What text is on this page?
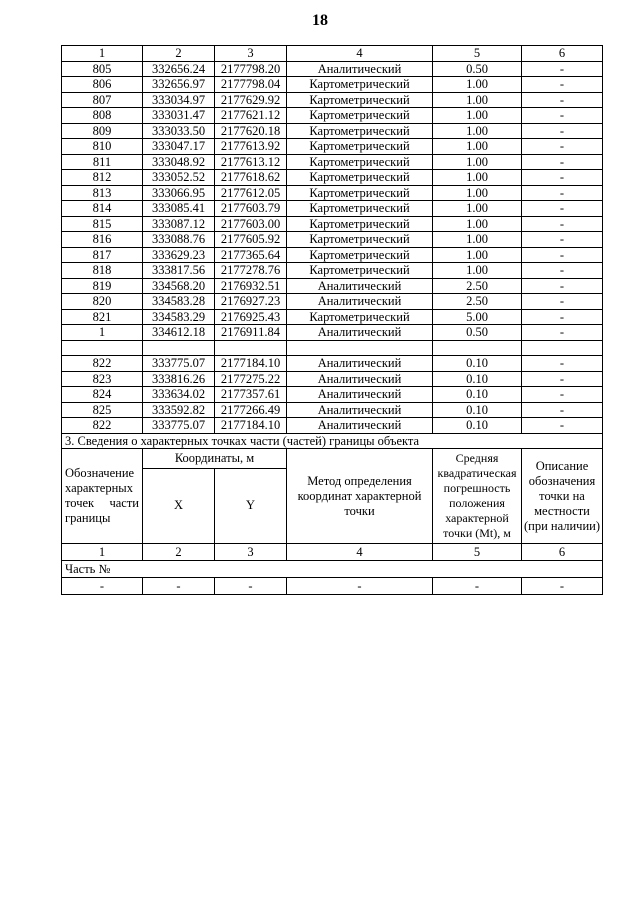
18
1	2	3	4	5	6
805	332656.24	2177798.20	Аналитический	0.50	-
806	332656.97	2177798.04	Картометрический	1.00	-
807	333034.97	2177629.92	Картометрический	1.00	-
808	333031.47	2177621.12	Картометрический	1.00	-
809	333033.50	2177620.18	Картометрический	1.00	-
810	333047.17	2177613.92	Картометрический	1.00	-
811	333048.92	2177613.12	Картометрический	1.00	-
812	333052.52	2177618.62	Картометрический	1.00	-
813	333066.95	2177612.05	Картометрический	1.00	-
814	333085.41	2177603.79	Картометрический	1.00	-
815	333087.12	2177603.00	Картометрический	1.00	-
816	333088.76	2177605.92	Картометрический	1.00	-
817	333629.23	2177365.64	Картометрический	1.00	-
818	333817.56	2177278.76	Картометрический	1.00	-
819	334568.20	2176932.51	Аналитический	2.50	-
820	334583.28	2176927.23	Аналитический	2.50	-
821	334583.29	2176925.43	Картометрический	5.00	-
1	334612.18	2176911.84	Аналитический	0.50	-

822	333775.07	2177184.10	Аналитический	0.10	-
823	333816.26	2177275.22	Аналитический	0.10	-
824	333634.02	2177357.61	Аналитический	0.10	-
825	333592.82	2177266.49	Аналитический	0.10	-
822	333775.07	2177184.10	Аналитический	0.10	-
3. Сведения о характерных точках части (частей) границы объекта					

Обозначение характерных точек части границы	Координаты, м		Метод определения координат характерной точки	Средняя квадратическая погрешность положения характерной точки (Mt), м	Описание обозначения точки на местности (при наличии)
	X	Y			
1	2	3	4	5	6
Часть №					
-	-	-	-	-	-
